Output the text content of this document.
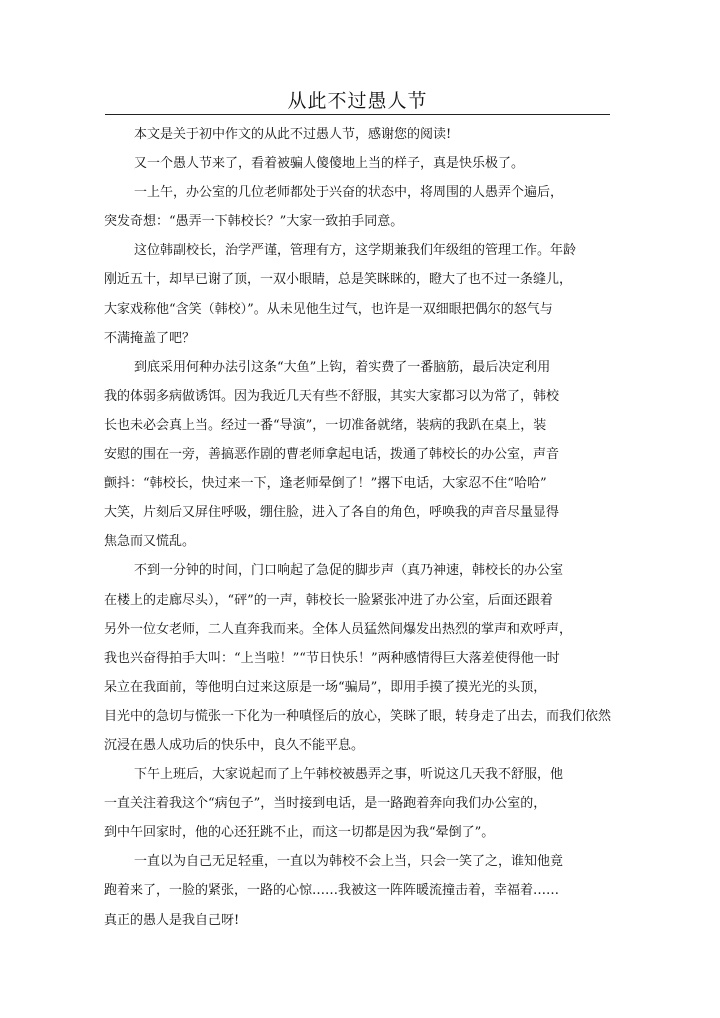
从此不过愚人节
本文是关于初中作文的从此不过愚人节，感谢您的阅读!
又一个愚人节来了，看着被骗人傻傻地上当的样子，真是快乐极了。
一上午，办公室的几位老师都处于兴奋的状态中，将周围的人愚弄个遍后，
突发奇想：“愚弄一下韩校长？”大家一致拍手同意。
这位韩副校长，治学严谨，管理有方，这学期兼我们年级组的管理工作。年龄
刚近五十，却早已谢了顶，一双小眼睛，总是笑眯眯的，瞪大了也不过一条缝儿，
大家戏称他“含笑（韩校）”。从未见他生过气，也许是一双细眼把偶尔的怒气与
不满掩盖了吧？
到底采用何种办法引这条“大鱼”上钩，着实费了一番脑筋，最后决定利用
我的体弱多病做诱饵。因为我近几天有些不舒服，其实大家都习以为常了，韩校
长也未必会真上当。经过一番“导演”，一切准备就绪，装病的我趴在桌上，装
安慰的围在一旁，善搞恶作剧的曹老师拿起电话，拨通了韩校长的办公室，声音
颤抖：“韩校长，快过来一下，逢老师晕倒了！”撂下电话，大家忍不住“哈哈”
大笑，片刻后又屏住呼吸，绷住脸，进入了各自的角色，呼唤我的声音尽量显得
焦急而又慌乱。
不到一分钟的时间，门口响起了急促的脚步声（真乃神速，韩校长的办公室
在楼上的走廊尽头），“砰”的一声，韩校长一脸紧张冲进了办公室，后面还跟着
另外一位女老师，二人直奔我而来。全体人员猛然间爆发出热烈的掌声和欢呼声，
我也兴奋得拍手大叫：“上当啦！”“节日快乐！”两种感情得巨大落差使得他一时
呆立在我面前，等他明白过来这原是一场“骗局”，即用手摸了摸光光的头顶，
目光中的急切与慌张一下化为一种嗔怪后的放心，笑眯了眼，转身走了出去，而我们依然
沉浸在愚人成功后的快乐中，良久不能平息。
下午上班后，大家说起而了上午韩校被愚弄之事，听说这几天我不舒服，他
一直关注着我这个“病包子”，当时接到电话，是一路跑着奔向我们办公室的，
到中午回家时，他的心还狂跳不止，而这一切都是因为我“晕倒了”。
一直以为自己无足轻重，一直以为韩校不会上当，只会一笑了之，谁知他竟
跑着来了，一脸的紧张，一路的心惊……我被这一阵阵暖流撞击着，幸福着……
真正的愚人是我自己呀!
